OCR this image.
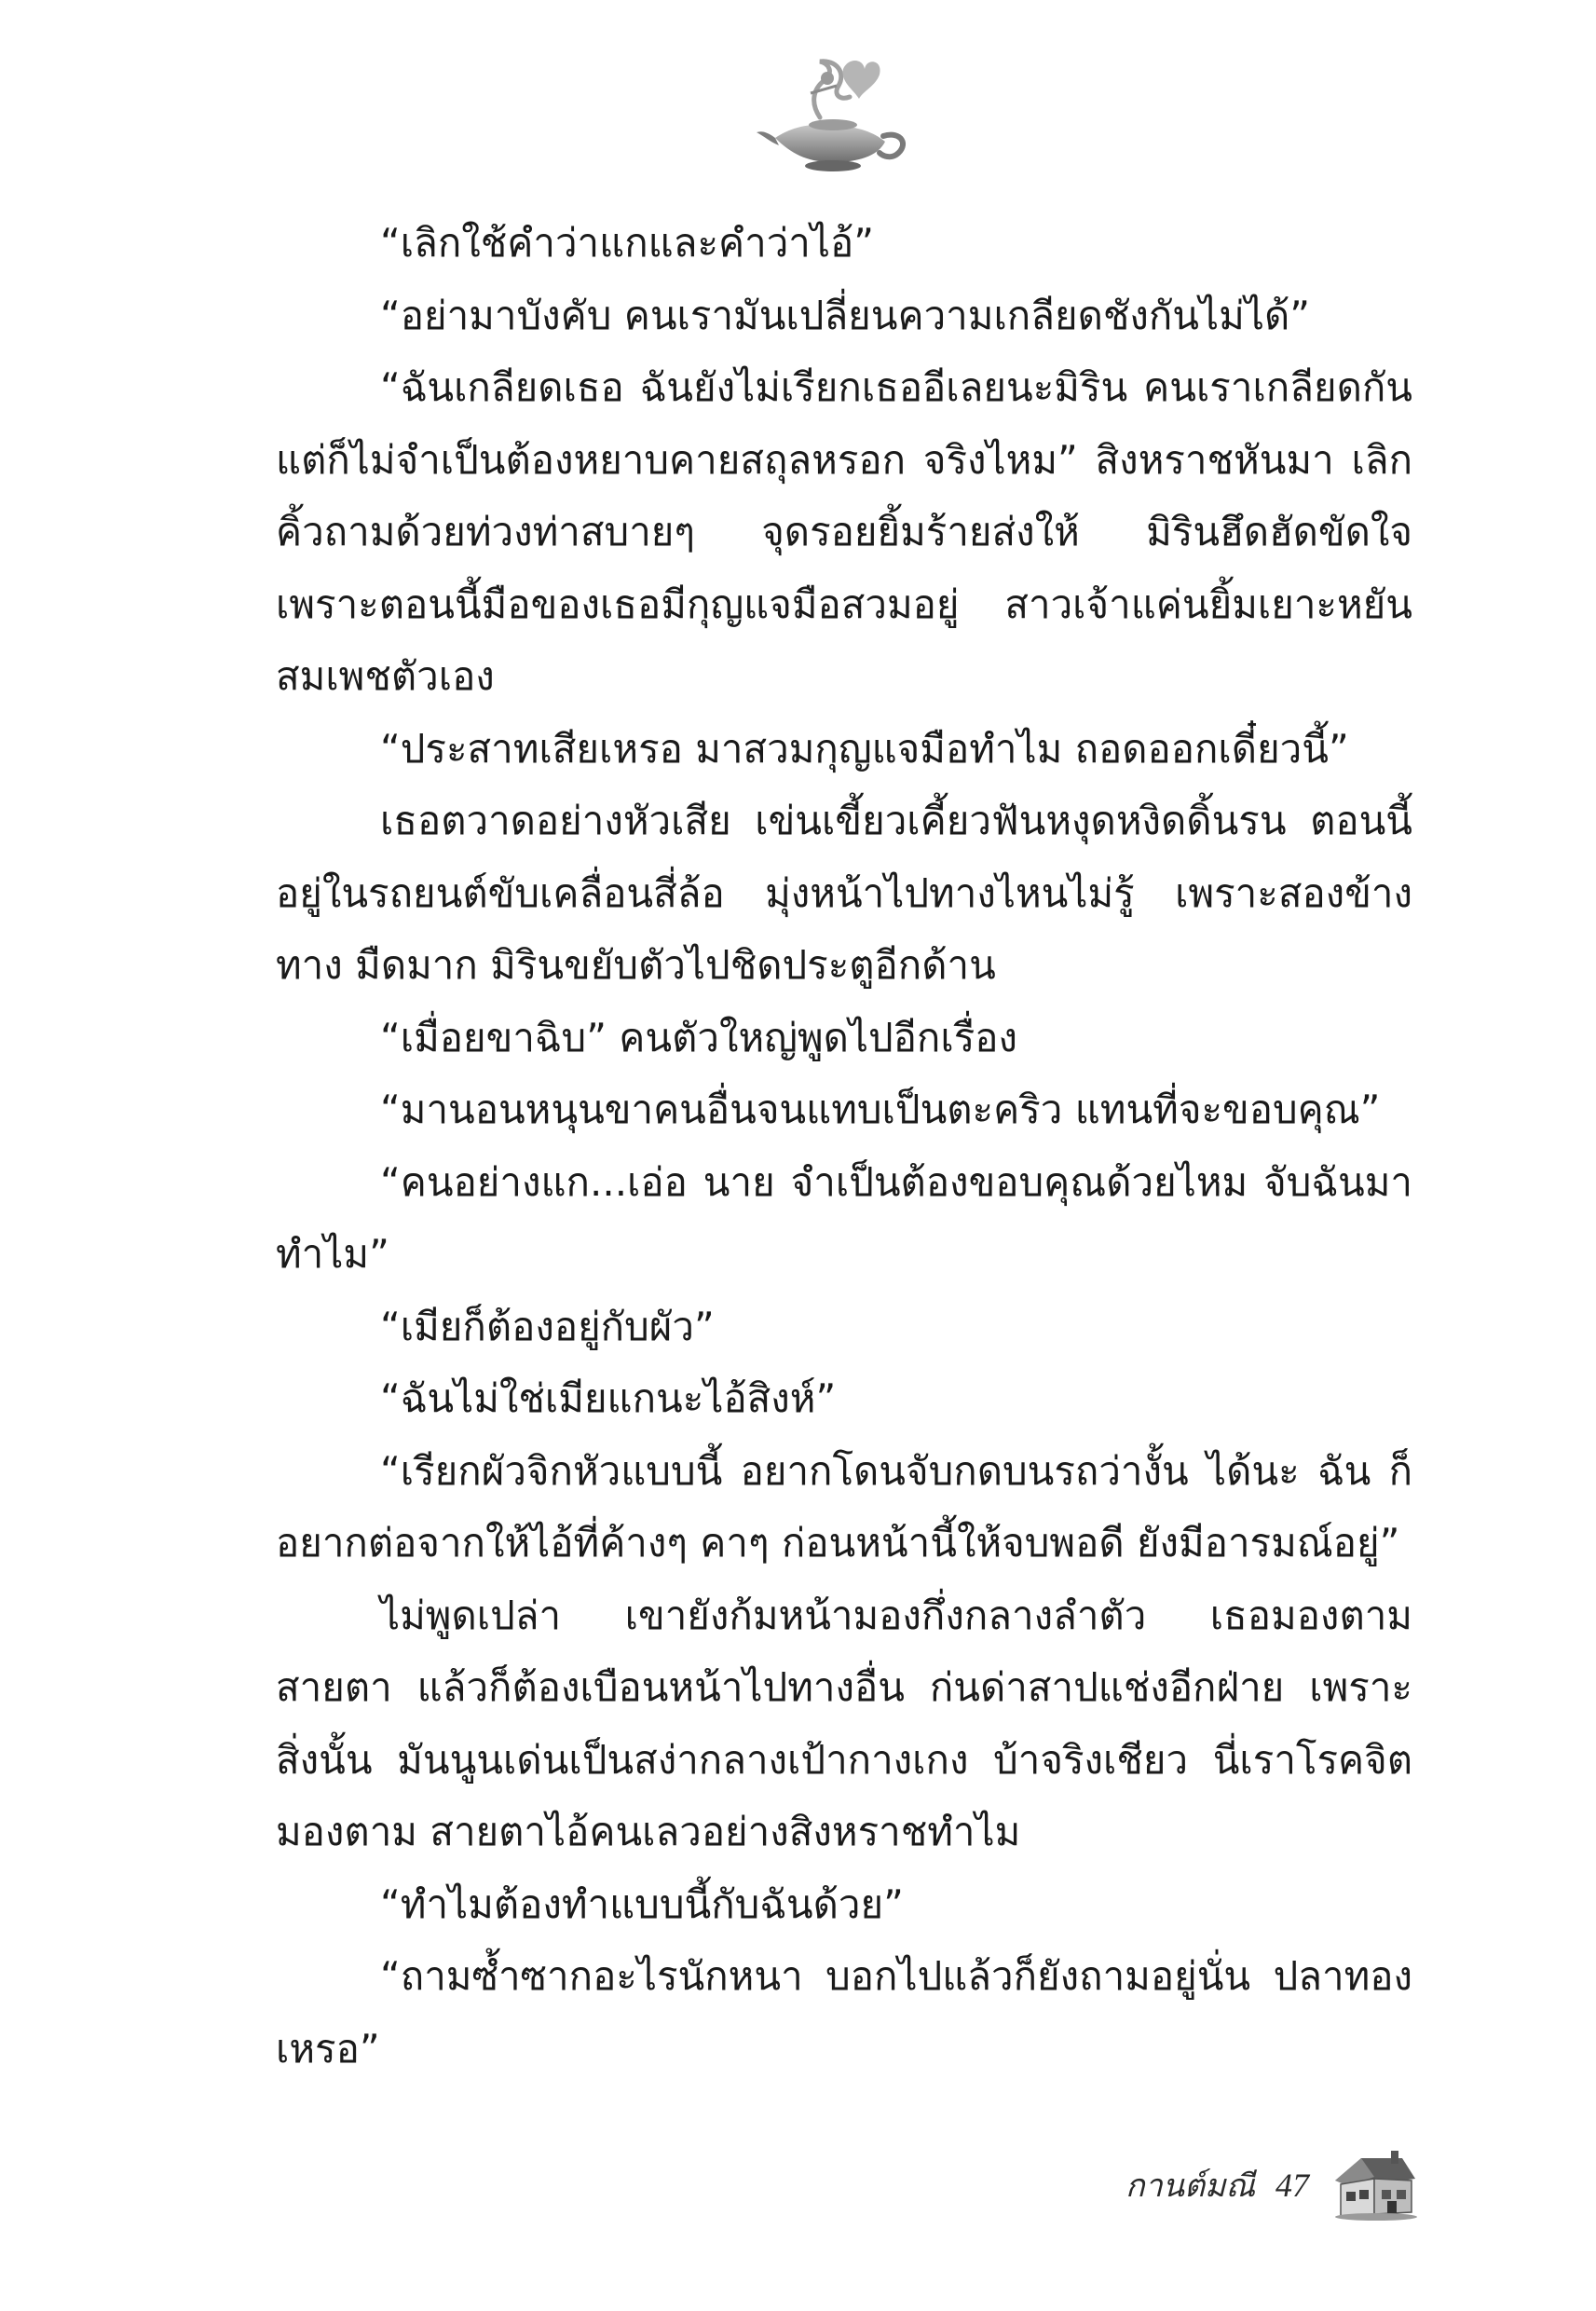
“เลิกใช้คำว่าแกและคำว่าไอ้”

“อย่ามาบังคับ คนเรามันเปลี่ยนความเกลียดชังกันไม่ได้”

“ฉันเกลียดเธอ ฉันยังไม่เรียกเธออีเลยนะมิริน คนเราเกลียดกัน แต่ก็ไม่จำเป็นต้องหยาบคายสถุลหรอก จริงไหม” สิงหราชหันมา เลิกคิ้วถามด้วยท่วงท่าสบายๆ จุดรอยยิ้มร้ายส่งให้ มิรินฮึดฮัดขัดใจ เพราะตอนนี้มือของเธอมีกุญแจมือสวมอยู่ สาวเจ้าแค่นยิ้มเยาะหยัน สมเพชตัวเอง

“ประสาทเสียเหรอ มาสวมกุญแจมือทำไม ถอดออกเดี๋ยวนี้”

เธอตวาดอย่างหัวเสีย เข่นเขี้ยวเคี้ยวฟันหงุดหงิดดิ้นรน ตอนนี้ อยู่ในรถยนต์ขับเคลื่อนสี่ล้อ มุ่งหน้าไปทางไหนไม่รู้ เพราะสองข้างทาง มืดมาก มิรินขยับตัวไปชิดประตูอีกด้าน

“เมื่อยขาฉิบ” คนตัวใหญ่พูดไปอีกเรื่อง

“มานอนหนุนขาคนอื่นจนแทบเป็นตะคริว แทนที่จะขอบคุณ”

“คนอย่างแก...เอ่อ นาย จำเป็นต้องขอบคุณด้วยไหม จับฉันมา ทำไม”

“เมียก็ต้องอยู่กับผัว”

“ฉันไม่ใช่เมียแกนะไอ้สิงห์”

“เรียกผัวจิกหัวแบบนี้ อยากโดนจับกดบนรถว่างั้น ได้นะ ฉัน ก็อยากต่อจากให้ไอ้ที่ค้างๆ คาๆ ก่อนหน้านี้ให้จบพอดี ยังมีอารมณ์อยู่”

ไม่พูดเปล่า เขายังก้มหน้ามองกึ่งกลางลำตัว เธอมองตามสายตา แล้วก็ต้องเบือนหน้าไปทางอื่น ก่นด่าสาปแช่งอีกฝ่าย เพราะสิ่งนั้น มันนูนเด่นเป็นสง่ากลางเป้ากางเกง บ้าจริงเชียว นี่เราโรคจิตมองตาม สายตาไอ้คนเลวอย่างสิงหราชทำไม

“ทำไมต้องทำแบบนี้กับฉันด้วย”

“ถามซ้ำซากอะไรนักหนา บอกไปแล้วก็ยังถามอยู่นั่น ปลาทอง เหรอ”

กานต์มณี 47
